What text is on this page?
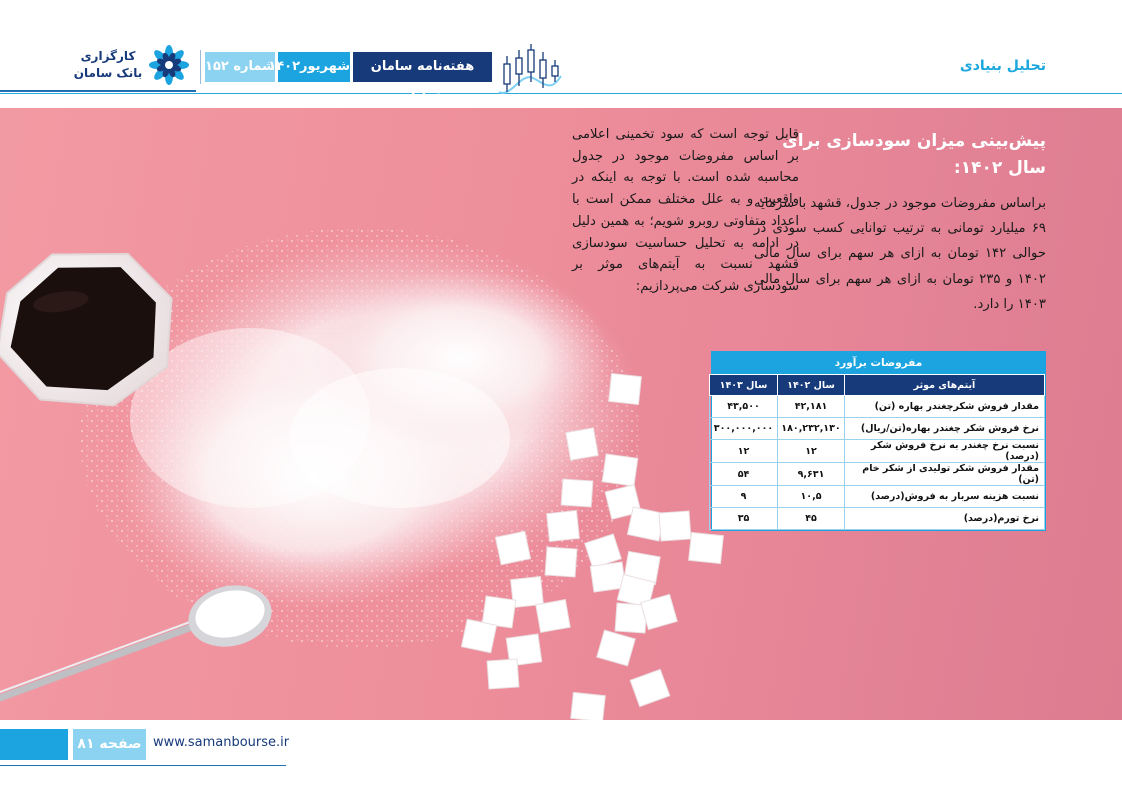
تحلیل بنیادی
کارگزاری
بانک سامان	شماره ۱۵۲
شهریور۱۴۰۲	هفته‌نامه سامان تحلیل
پیش‌بینی میزان سودسازی برای سال ۱۴۰۲:

براساس مفروضات موجود در جدول، قشهد با سرمایه ۶۹ میلیارد تومانی به ترتیب توانایی کسب سودی در حوالی ۱۴۲ تومان به ازای هر سهم برای سال مالی ۱۴۰۲ و ۲۳۵ تومان به ازای هر سهم برای سال مالی ۱۴۰۳ را دارد.

قابل توجه است که سود تخمینی اعلامی بر اساس مفروضات موجود در جدول محاسبه شده است. با توجه به اینکه در واقعیت و به علل مختلف ممکن است با اعداد متفاوتی روبرو شویم؛ به همین دلیل در ادامه به تحلیل حساسیت سودسازی قشهد نسبت به آیتم‌های موثر بر سودسازی شرکت می‌پردازیم:

مفروضات برآورد
آیتم‌های موثر	سال ۱۴۰۲	سال ۱۴۰۳
مقدار فروش شکرچغندر بهاره (تن)	۴۲,۱۸۱	۴۳,۵۰۰
نرخ فروش شکر چغندر بهاره(تن/ریال)	۱۸۰,۲۳۲,۱۳۰	۳۰۰,۰۰۰,۰۰۰
نسبت نرخ چغندر به نرخ فروش شکر (درصد)	۱۲	۱۲
مقدار فروش شکر تولیدی از شکر خام (تن)	۹,۶۳۱	۵۴
نسبت هزینه سربار به فروش(درصد)	۱۰,۵	۹
نرخ تورم(درصد)	۴۵	۳۵
صفحه ۸۱ www.samanbourse.ir
